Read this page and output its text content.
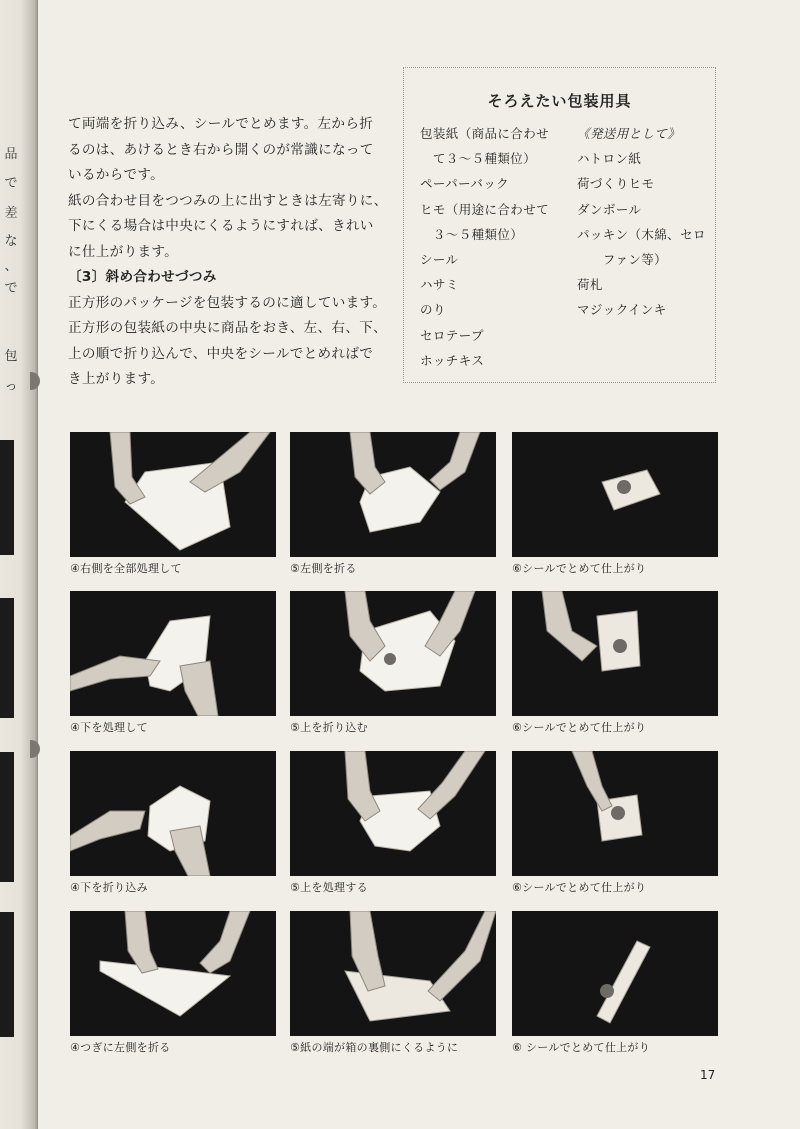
品
で
差
な
、
で
包
っ

て両端を折り込み、シールでとめます。左から折
るのは、あけるとき右から開くのが常識になって
いるからです。

紙の合わせ目をつつみの上に出すときは左寄りに、
下にくる場合は中央にくるようにすれば、きれい
に仕上がります。

〔3〕斜め合わせづつみ

正方形のパッケージを包装するのに適しています。
正方形の包装紙の中央に商品をおき、左、右、下、
上の順で折り込んで、中央をシールでとめればで
き上がります。

そろえたい包装用具
包装紙（商品に合わせ
　て３～５種類位）
ペーパーバック
ヒモ（用途に合わせて
　３～５種類位）
シール
ハサミ
のり
セロテープ
ホッチキス
《発送用として》
ハトロン紙
荷づくりヒモ
ダンボール
パッキン（木綿、セロ
　　ファン等）
荷札
マジックインキ
④右側を全部処理して	⑤左側を折る	⑥シールでとめて仕上がり
④下を処理して	⑤上を折り込む	⑥シールでとめて仕上がり
④下を折り込み	⑤上を処理する	⑥シールでとめて仕上がり
④つぎに左側を折る	⑤紙の端が箱の裏側にくるように	⑥ シールでとめて仕上がり
17
